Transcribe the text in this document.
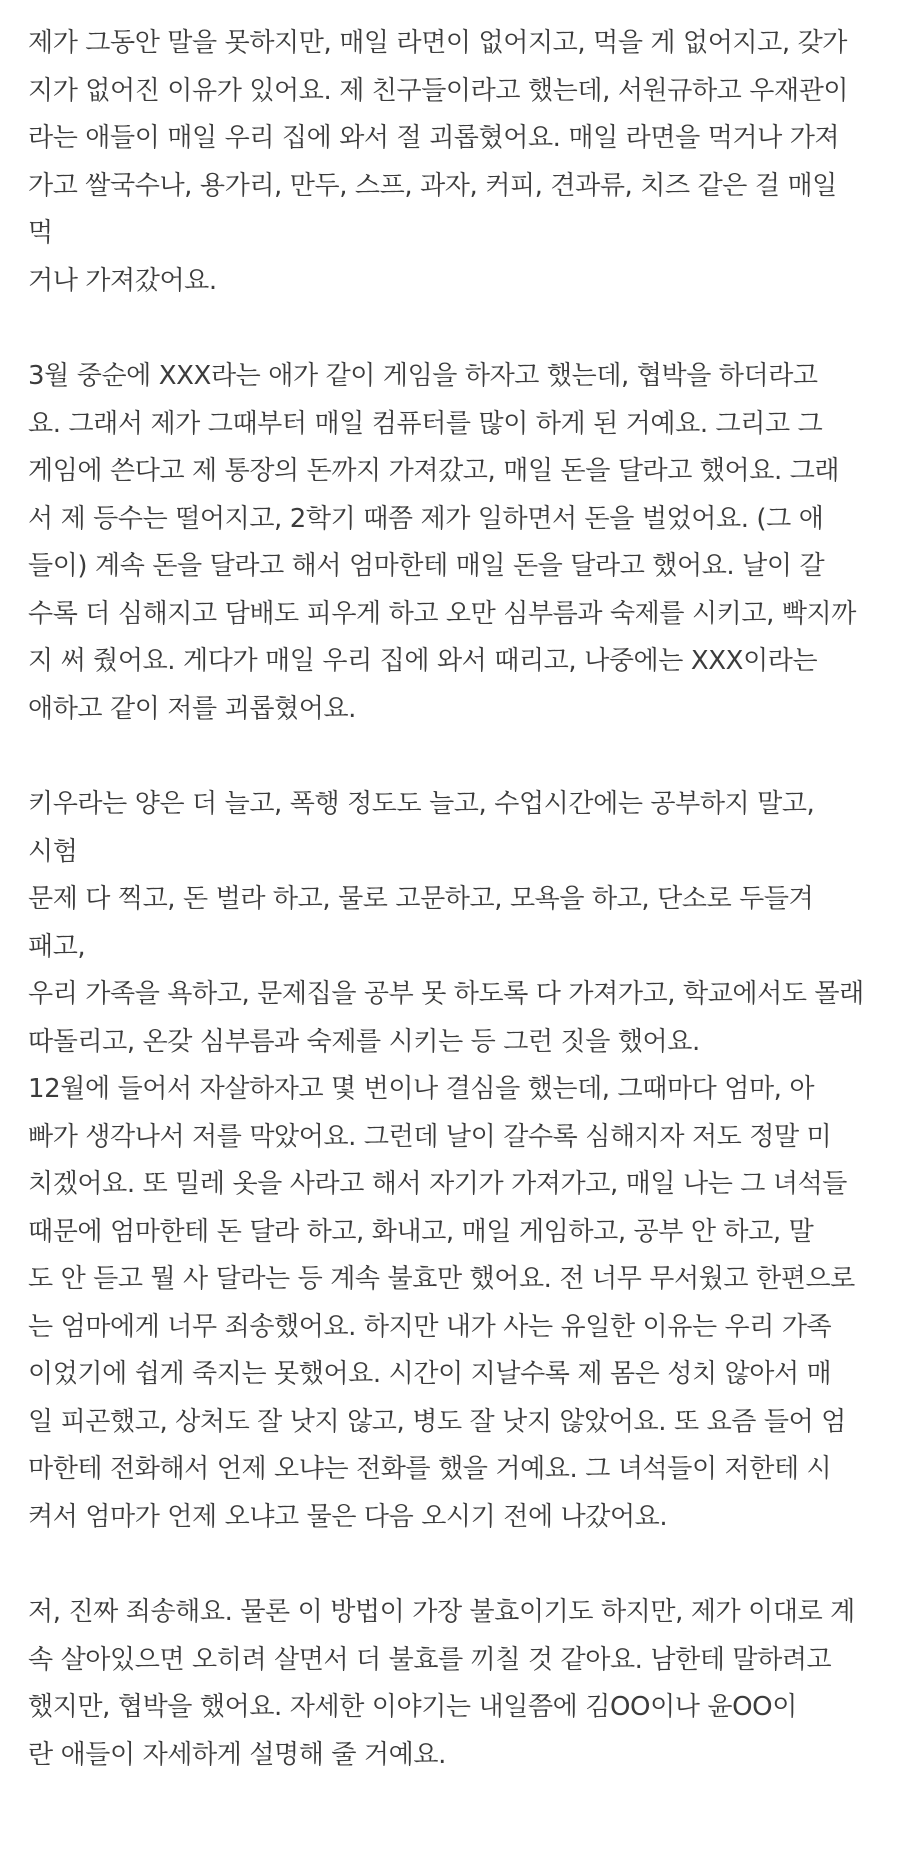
제가 그동안 말을 못하지만, 매일 라면이 없어지고, 먹을 게 없어지고, 갖가
지가 없어진 이유가 있어요. 제 친구들이라고 했는데, 서원규하고 우재관이
라는 애들이 매일 우리 집에 와서 절 괴롭혔어요. 매일 라면을 먹거나 가져
가고 쌀국수나, 용가리, 만두, 스프, 과자, 커피, 견과류, 치즈 같은 걸 매일 먹
거나 가져갔어요.

3월 중순에 XXX라는 애가 같이 게임을 하자고 했는데, 협박을 하더라고
요. 그래서 제가 그때부터 매일 컴퓨터를 많이 하게 된 거예요. 그리고 그
게임에 쓴다고 제 통장의 돈까지 가져갔고, 매일 돈을 달라고 했어요. 그래
서 제 등수는 떨어지고, 2학기 때쯤 제가 일하면서 돈을 벌었어요. (그 애
들이) 계속 돈을 달라고 해서 엄마한테 매일 돈을 달라고 했어요. 날이 갈
수록 더 심해지고 담배도 피우게 하고 오만 심부름과 숙제를 시키고, 빡지까
지 써 줬어요. 게다가 매일 우리 집에 와서 때리고, 나중에는 XXX이라는
애하고 같이 저를 괴롭혔어요.

키우라는 양은 더 늘고, 폭행 정도도 늘고, 수업시간에는 공부하지 말고, 시험
문제 다 찍고, 돈 벌라 하고, 물로 고문하고, 모욕을 하고, 단소로 두들겨 패고,
우리 가족을 욕하고, 문제집을 공부 못 하도록 다 가져가고, 학교에서도 몰래
따돌리고, 온갖 심부름과 숙제를 시키는 등 그런 짓을 했어요.

12월에 들어서 자살하자고 몇 번이나 결심을 했는데, 그때마다 엄마, 아
빠가 생각나서 저를 막았어요. 그런데 날이 갈수록 심해지자 저도 정말 미
치겠어요. 또 밀레 옷을 사라고 해서 자기가 가져가고, 매일 나는 그 녀석들
때문에 엄마한테 돈 달라 하고, 화내고, 매일 게임하고, 공부 안 하고, 말
도 안 듣고 뭘 사 달라는 등 계속 불효만 했어요. 전 너무 무서웠고 한편으로
는 엄마에게 너무 죄송했어요. 하지만 내가 사는 유일한 이유는 우리 가족
이었기에 쉽게 죽지는 못했어요. 시간이 지날수록 제 몸은 성치 않아서 매
일 피곤했고, 상처도 잘 낫지 않고, 병도 잘 낫지 않았어요. 또 요즘 들어 엄
마한테 전화해서 언제 오냐는 전화를 했을 거예요. 그 녀석들이 저한테 시
켜서 엄마가 언제 오냐고 물은 다음 오시기 전에 나갔어요.

저, 진짜 죄송해요. 물론 이 방법이 가장 불효이기도 하지만, 제가 이대로 계
속 살아있으면 오히려 살면서 더 불효를 끼칠 것 같아요. 남한테 말하려고
했지만, 협박을 했어요. 자세한 이야기는 내일쯤에 김OO이나 윤OO이
란 애들이 자세하게 설명해 줄 거예요.
